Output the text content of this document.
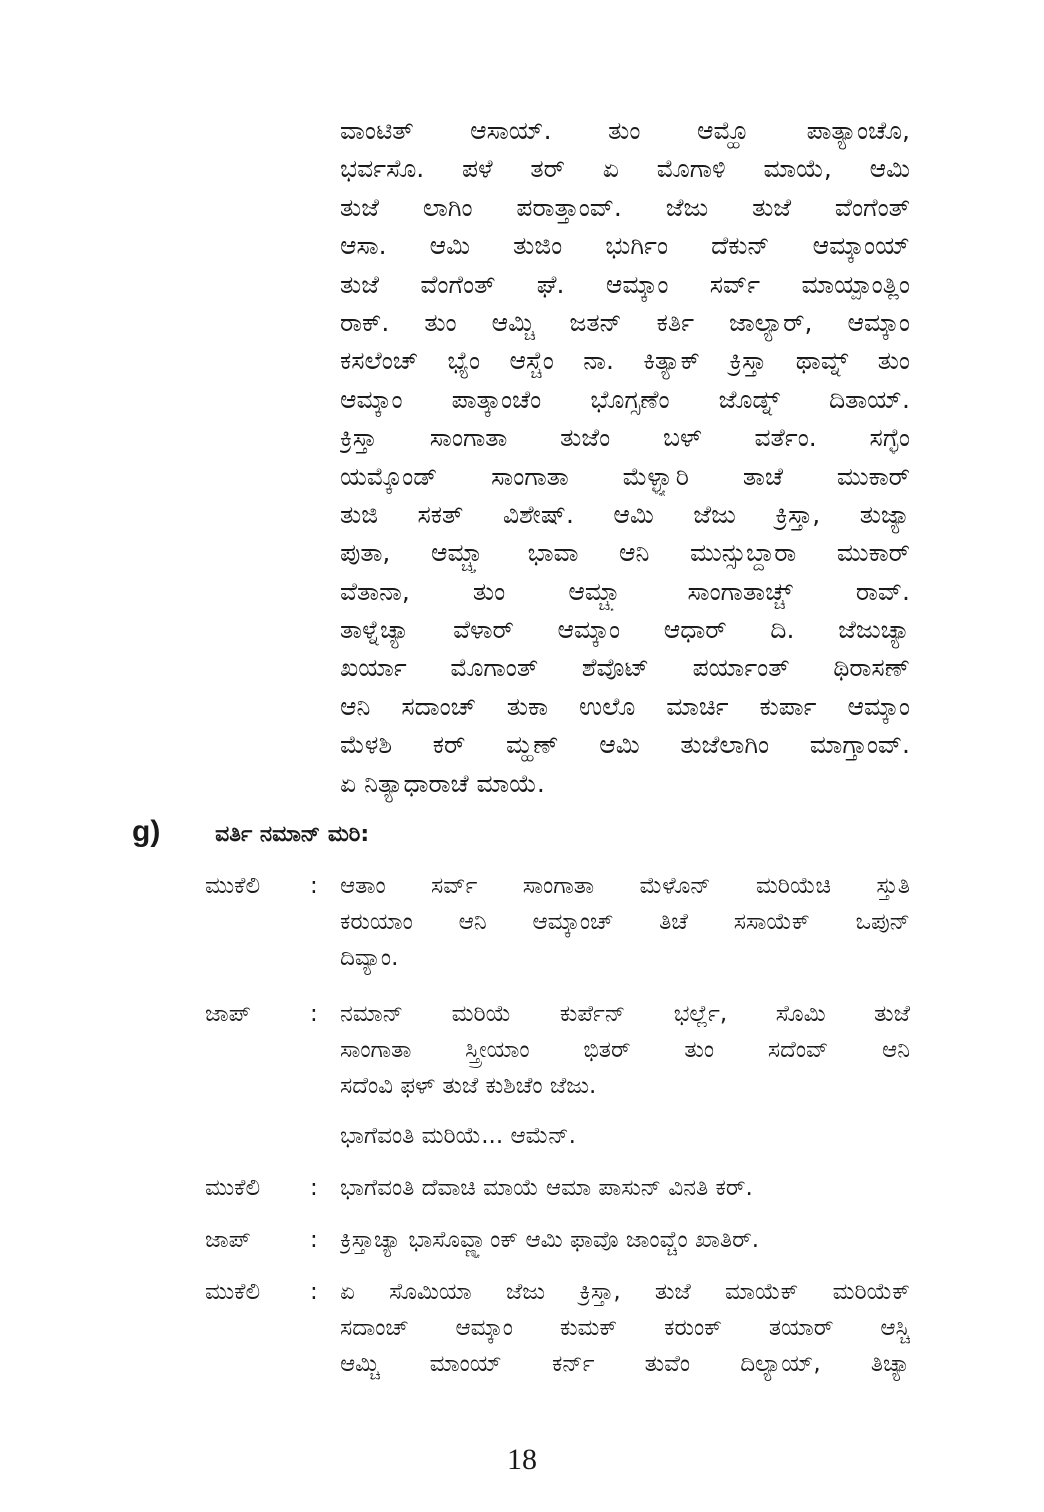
ವಾಂಟಿತ್ ಆಸಾಯ್. ತುಂ ಆಮ್ಹೊ ಪಾತ್ಯಾಂಚೊ,
ಭರ್ವಸೊ. ಪಳೆ ತರ್ ಏ ಮೊಗಾಳಿ ಮಾಯೆ, ಆಮಿ
ತುಜೆ ಲಾಗಿಂ ಪರಾತ್ತಾಂವ್. ಜೆಜು ತುಜೆ ವೆಂಗೆಂತ್
ಆಸಾ. ಆಮಿ ತುಜಿಂ ಭುರ್ಗಿಂ ದೆಕುನ್ ಆಮ್ಕಾಂಯ್
ತುಜೆ ವೆಂಗೆಂತ್ ಘೆ. ಆಮ್ಕಾಂ ಸರ್ವ್ ಮಾಯ್ಪಾಂತ್ಲಿಂ
ರಾಕ್. ತುಂ ಆಮ್ಚಿ ಜತನ್ ಕರ್ತಿ ಜಾಲ್ಯಾರ್, ಆಮ್ಕಾಂ
ಕಸಲೆಂಚ್ ಭ್ಯೆಂ ಆಸ್ಚೆಂ ನಾ. ಕಿತ್ಯಾಕ್ ಕ್ರಿಸ್ತಾ ಥಾವ್ನ್ ತುಂ
ಆಮ್ಕಾಂ ಪಾತ್ಕಾಂಚೆಂ ಭೊಗ್ಸಣೆಂ ಜೊಡ್ನ್ ದಿತಾಯ್.
ಕ್ರಿಸ್ತಾ ಸಾಂಗಾತಾ ತುಜೆಂ ಬಳ್ ವರ್ತೆಂ. ಸಗ್ಳೆಂ
ಯಮ್ಕೊಂಡ್ ಸಾಂಗಾತಾ ಮೆಳ್ಳ್ಯಾರಿ ತಾಚೆ ಮುಕಾರ್
ತುಜಿ ಸಕತ್ ವಿಶೇಷ್. ಆಮಿ ಜೆಜು ಕ್ರಿಸ್ತಾ, ತುಜ್ಯಾ
ಪುತಾ, ಆಮ್ಚ್ಯಾ ಭಾವಾ ಆನಿ ಮುನ್ಸುಬ್ದಾರಾ ಮುಕಾರ್
ವೆತಾನಾ, ತುಂ ಆಮ್ಚ್ಯಾ ಸಾಂಗಾತಾಚ್ಚ್ ರಾವ್.
ತಾಳ್ನೆಚ್ಯಾ ವೆಳಾರ್ ಆಮ್ಕಾಂ ಆಧಾರ್ ದಿ. ಜೆಜುಚ್ಯಾ
ಖರ್ಯಾ ಮೊಗಾಂತ್ ಶೆವೊಟ್ ಪರ್ಯಾಂತ್ ಥಿರಾಸಣ್
ಆನಿ ಸದಾಂಚ್ ತುಕಾ ಉಲೊ ಮಾರ್ಚಿ ಕುರ್ಪಾ ಆಮ್ಕಾಂ
ಮೆಳಶಿ ಕರ್ ಮ್ಹಣ್ ಆಮಿ ತುಜೆಲಾಗಿಂ ಮಾಗ್ತಾಂವ್.
ಏ ನಿತ್ಯಾಧಾರಾಚೆ ಮಾಯೆ.
g) ವರ್ತಿ ನಮಾನ್ ಮರಿ:
ಮುಕೆಲಿ	: ಆತಾಂ ಸರ್ವ್ ಸಾಂಗಾತಾ ಮೆಳೊನ್ ಮರಿಯೆಚಿ ಸ್ತುತಿ
ಕರುಯಾಂ ಆನಿ ಆಮ್ಕಾಂಚ್ ತಿಚೆ ಸಸಾಯೆಕ್ ಒಪುನ್
ದಿವ್ಯಾಂ.
ಜಾಪ್	: ನಮಾನ್ ಮರಿಯೆ ಕುರ್ಪೆನ್ ಭರ್ಲ್ಲೆ, ಸೊಮಿ ತುಜೆ
ಸಾಂಗಾತಾ ಸ್ತ್ರೀಯಾಂ ಭಿತರ್ ತುಂ ಸದೆಂವ್ ಆನಿ
ಸದೆಂವಿ ಫಳ್ ತುಜೆ ಕುಶಿಚೆಂ ಜೆಜು.
ಭಾಗೆವಂತಿ ಮರಿಯೆ... ಆಮೆನ್.
ಮುಕೆಲಿ	: ಭಾಗೆವಂತಿ ದೆವಾಚಿ ಮಾಯೆ ಆಮಾ ಪಾಸುನ್ ವಿನತಿ ಕರ್.
ಜಾಪ್	: ಕ್ರಿಸ್ತಾಚ್ಯಾ ಭಾಸೊವ್ಣ್ಯಾಂಕ್ ಆಮಿ ಫಾವೊ ಜಾಂವ್ಚೆಂ ಖಾತಿರ್.
ಮುಕೆಲಿ	: ಏ ಸೊಮಿಯಾ ಜೆಜು ಕ್ರಿಸ್ತಾ, ತುಜೆ ಮಾಯೆಕ್ ಮರಿಯೆಕ್
ಸದಾಂಚ್ ಆಮ್ಕಾಂ ಕುಮಕ್ ಕರುಂಕ್ ತಯಾರ್ ಆಸ್ಚಿ
ಆಮ್ಚಿ ಮಾಂಯ್ ಕರ್ನ್ ತುವೆಂ ದಿಲ್ಯಾಯ್, ತಿಚ್ಯಾ
18
